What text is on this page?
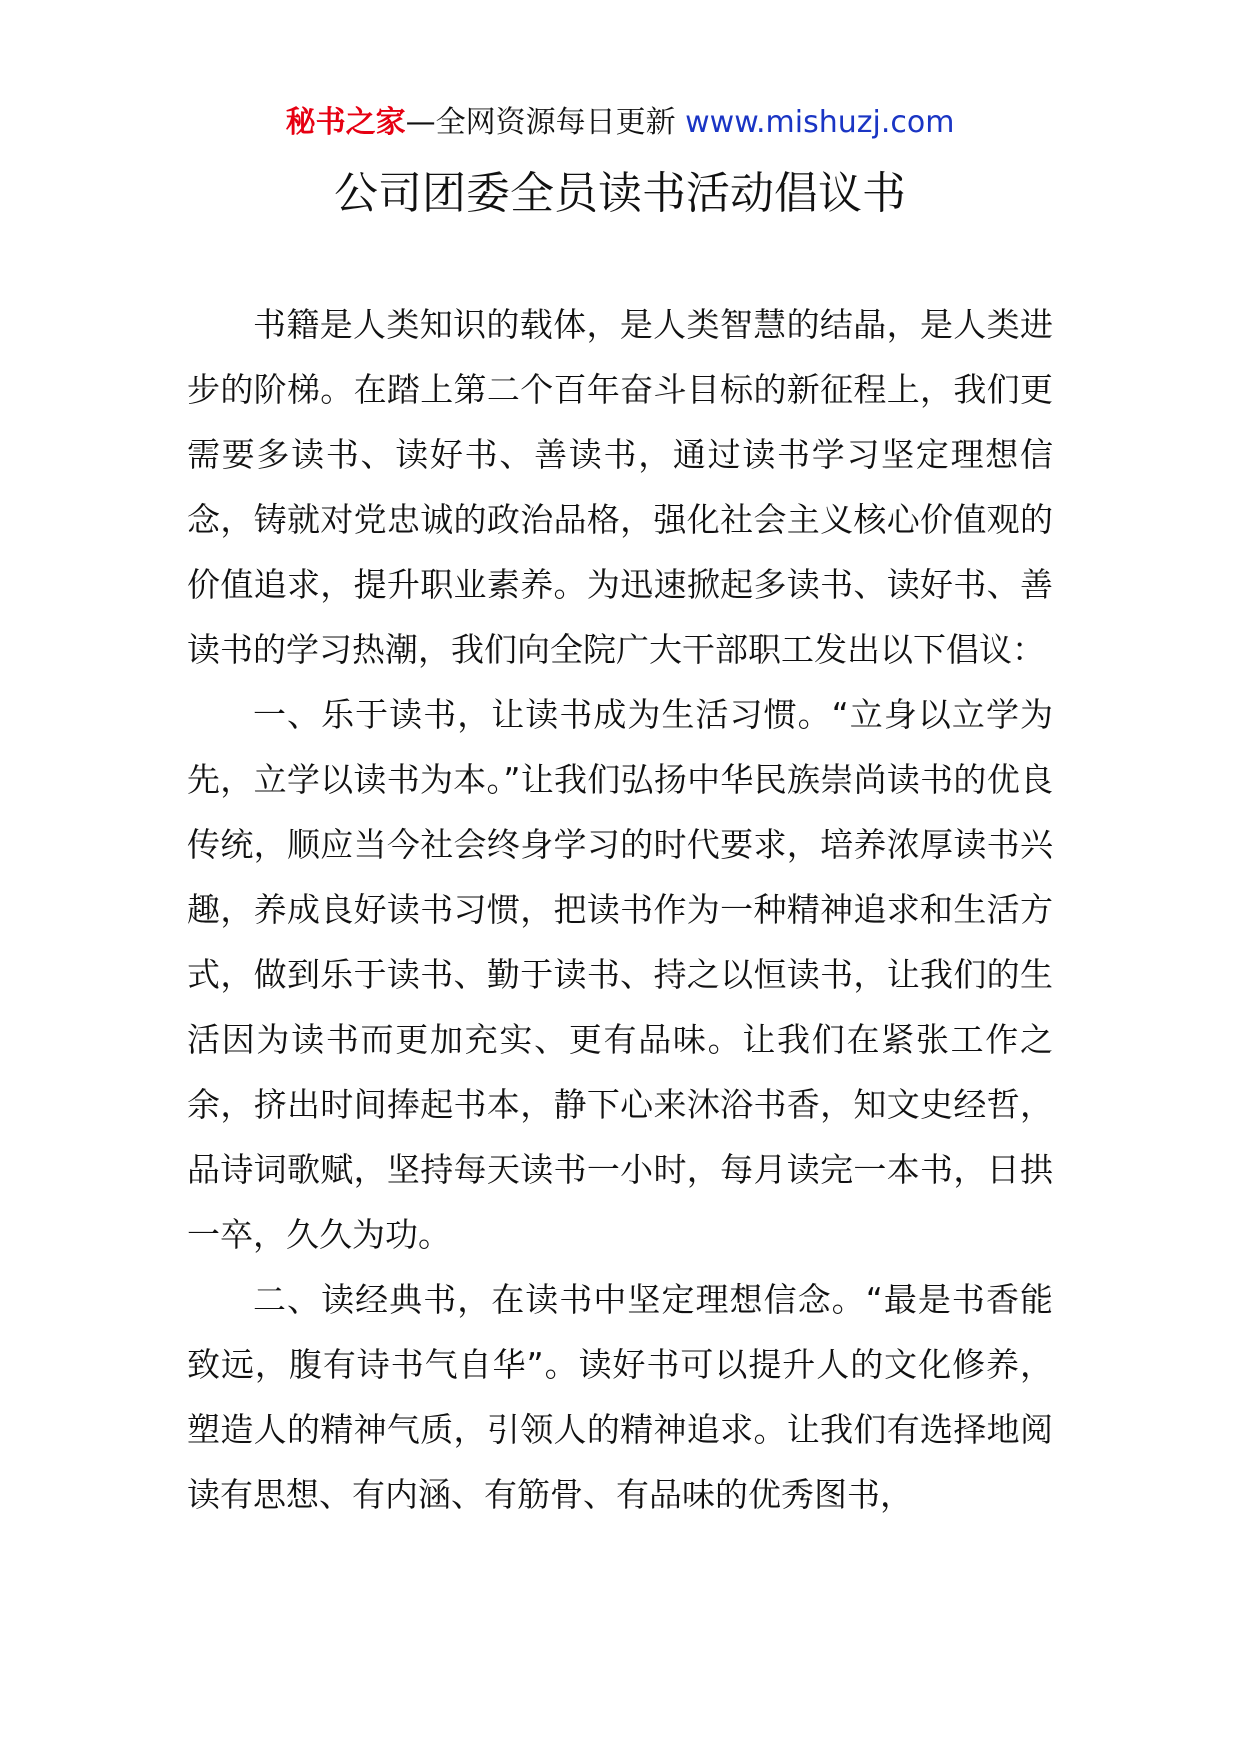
秘书之家—全网资源每日更新 www.mishuzj.com
公司团委全员读书活动倡议书

书籍是人类知识的载体，是人类智慧的结晶，是人类进步的阶梯。在踏上第二个百年奋斗目标的新征程上，我们更需要多读书、读好书、善读书，通过读书学习坚定理想信念，铸就对党忠诚的政治品格，强化社会主义核心价值观的价值追求，提升职业素养。为迅速掀起多读书、读好书、善读书的学习热潮，我们向全院广大干部职工发出以下倡议：

一、乐于读书，让读书成为生活习惯。“立身以立学为先，立学以读书为本。”让我们弘扬中华民族崇尚读书的优良传统，顺应当今社会终身学习的时代要求，培养浓厚读书兴趣，养成良好读书习惯，把读书作为一种精神追求和生活方式，做到乐于读书、勤于读书、持之以恒读书，让我们的生活因为读书而更加充实、更有品味。让我们在紧张工作之余，挤出时间捧起书本，静下心来沐浴书香，知文史经哲，品诗词歌赋，坚持每天读书一小时，每月读完一本书，日拱一卒，久久为功。

二、读经典书，在读书中坚定理想信念。“最是书香能致远，腹有诗书气自华”。读好书可以提升人的文化修养，塑造人的精神气质，引领人的精神追求。让我们有选择地阅读有思想、有内涵、有筋骨、有品味的优秀图书，
